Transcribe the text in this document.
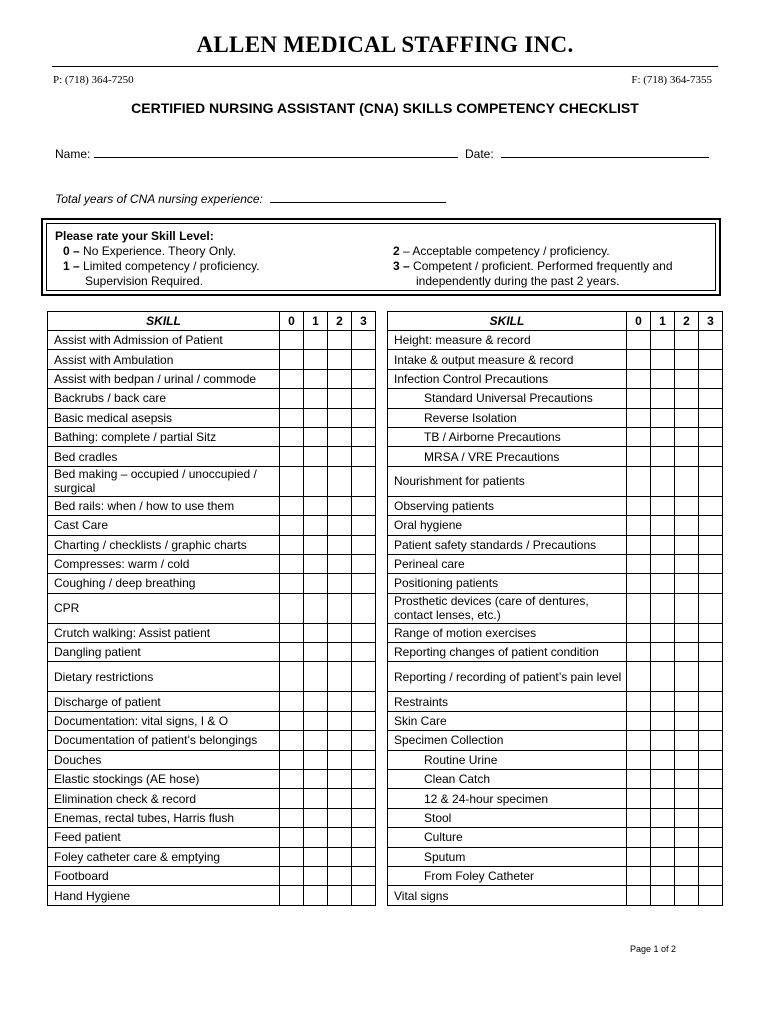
ALLEN MEDICAL STAFFING INC.
P: (718) 364-7250	F: (718) 364-7355
CERTIFIED NURSING ASSISTANT (CNA) SKILLS COMPETENCY CHECKLIST
Name:	Date:
Total years of CNA nursing experience:
Please rate your Skill Level:
0 – No Experience. Theory Only.
1 – Limited competency / proficiency.
Supervision Required.
2 – Acceptable competency / proficiency.
3 – Competent / proficient. Performed frequently and
independently during the past 2 years.
SKILL	0	1	2	3
Assist with Admission of Patient				
Assist with Ambulation				
Assist with bedpan / urinal / commode				
Backrubs / back care				
Basic medical asepsis				
Bathing: complete / partial Sitz				
Bed cradles				
Bed making – occupied / unoccupied / surgical				
Bed rails: when / how to use them				
Cast Care				
Charting / checklists / graphic charts				
Compresses: warm / cold				
Coughing / deep breathing				
CPR				
Crutch walking: Assist patient				
Dangling patient				
Dietary restrictions				
Discharge of patient				
Documentation: vital signs, I & O				
Documentation of patient’s belongings				
Douches				
Elastic stockings (AE hose)				
Elimination check & record				
Enemas, rectal tubes, Harris flush				
Feed patient				
Foley catheter care & emptying				
Footboard				
Hand Hygiene				
SKILL	0	1	2	3
Height: measure & record				
Intake & output measure & record				
Infection Control Precautions				
Standard Universal Precautions				
Reverse Isolation				
TB / Airborne Precautions				
MRSA / VRE Precautions				
Nourishment for patients				
Observing patients				
Oral hygiene				
Patient safety standards / Precautions				
Perineal care				
Positioning patients				
Prosthetic devices (care of dentures, contact lenses, etc.)				
Range of motion exercises				
Reporting changes of patient condition				
Reporting / recording of patient’s pain level				
Restraints				
Skin Care				
Specimen Collection				
Routine Urine				
Clean Catch				
12 & 24-hour specimen				
Stool				
Culture				
Sputum				
From Foley Catheter				
Vital signs				
Page 1 of 2
